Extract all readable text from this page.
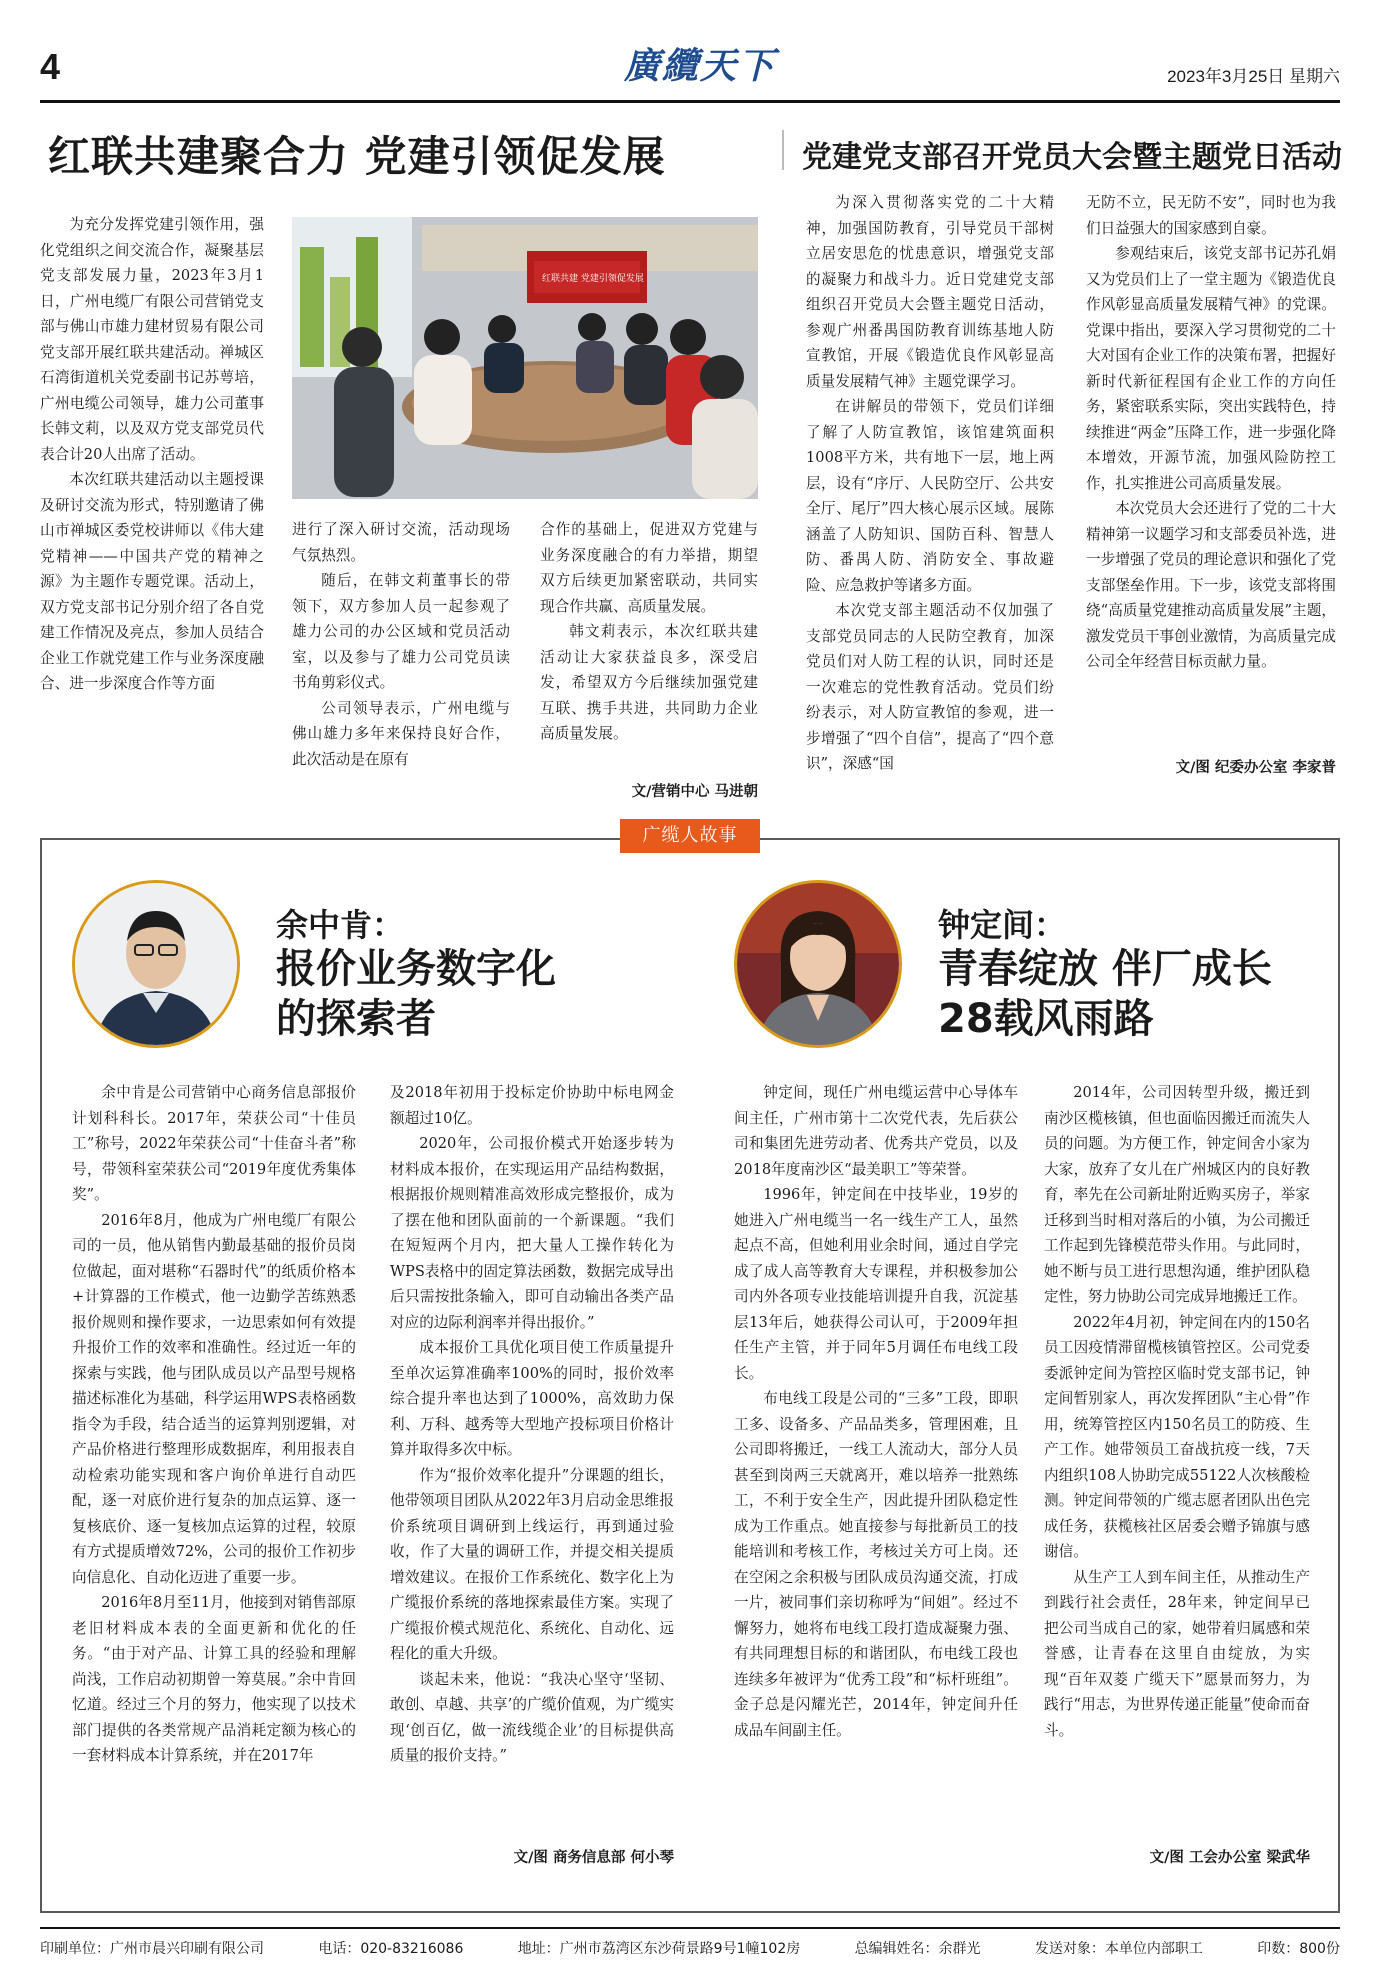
4	廣纜天下	2023年3月25日 星期六
红联共建聚合力 党建引领促发展

为充分发挥党建引领作用，强化党组织之间交流合作，凝聚基层党支部发展力量，2023年3月1日，广州电缆厂有限公司营销党支部与佛山市雄力建材贸易有限公司党支部开展红联共建活动。禅城区石湾街道机关党委副书记苏萼培，广州电缆公司领导，雄力公司董事长韩文莉，以及双方党支部党员代表合计20人出席了活动。

本次红联共建活动以主题授课及研讨交流为形式，特别邀请了佛山市禅城区委党校讲师以《伟大建党精神——中国共产党的精神之源》为主题作专题党课。活动上，双方党支部书记分别介绍了各自党建工作情况及亮点，参加人员结合企业工作就党建工作与业务深度融合、进一步深度合作等方面

红联共建 党建引领促发展

进行了深入研讨交流，活动现场气氛热烈。

随后，在韩文莉董事长的带领下，双方参加人员一起参观了雄力公司的办公区域和党员活动室，以及参与了雄力公司党员读书角剪彩仪式。

公司领导表示，广州电缆与佛山雄力多年来保持良好合作，此次活动是在原有

合作的基础上，促进双方党建与业务深度融合的有力举措，期望双方后续更加紧密联动，共同实现合作共赢、高质量发展。

韩文莉表示，本次红联共建活动让大家获益良多，深受启发，希望双方今后继续加强党建互联、携手共进，共同助力企业高质量发展。

文/营销中心 马进朝
党建党支部召开党员大会暨主题党日活动

为深入贯彻落实党的二十大精神，加强国防教育，引导党员干部树立居安思危的忧患意识，增强党支部的凝聚力和战斗力。近日党建党支部组织召开党员大会暨主题党日活动，参观广州番禺国防教育训练基地人防宣教馆，开展《锻造优良作风彰显高质量发展精气神》主题党课学习。

在讲解员的带领下，党员们详细了解了人防宣教馆，该馆建筑面积1008平方米，共有地下一层，地上两层，设有“序厅、人民防空厅、公共安全厅、尾厅”四大核心展示区域。展陈涵盖了人防知识、国防百科、智慧人防、番禺人防、消防安全、事故避险、应急救护等诸多方面。

本次党支部主题活动不仅加强了支部党员同志的人民防空教育，加深党员们对人防工程的认识，同时还是一次难忘的党性教育活动。党员们纷纷表示，对人防宣教馆的参观，进一步增强了“四个自信”，提高了“四个意识”，深感“国

无防不立，民无防不安”，同时也为我们日益强大的国家感到自豪。

参观结束后，该党支部书记苏孔娟又为党员们上了一堂主题为《锻造优良作风彰显高质量发展精气神》的党课。党课中指出，要深入学习贯彻党的二十大对国有企业工作的决策布署，把握好新时代新征程国有企业工作的方向任务，紧密联系实际，突出实践特色，持续推进“两金”压降工作，进一步强化降本增效，开源节流，加强风险防控工作，扎实推进公司高质量发展。

本次党员大会还进行了党的二十大精神第一议题学习和支部委员补选，进一步增强了党员的理论意识和强化了党支部堡垒作用。下一步，该党支部将围绕“高质量党建推动高质量发展”主题，激发党员干事创业激情，为高质量完成公司全年经营目标贡献力量。

文/图 纪委办公室 李家普
广缆人故事
余中肯：
报价业务数字化
的探索者

余中肯是公司营销中心商务信息部报价计划科科长。2017年，荣获公司“十佳员工”称号，2022年荣获公司“十佳奋斗者”称号，带领科室荣获公司“2019年度优秀集体奖”。

2016年8月，他成为广州电缆厂有限公司的一员，他从销售内勤最基础的报价员岗位做起，面对堪称“石器时代”的纸质价格本+计算器的工作模式，他一边勤学苦练熟悉报价规则和操作要求，一边思索如何有效提升报价工作的效率和准确性。经过近一年的探索与实践，他与团队成员以产品型号规格描述标准化为基础，科学运用WPS表格函数指令为手段，结合适当的运算判别逻辑，对产品价格进行整理形成数据库，利用报表自动检索功能实现和客户询价单进行自动匹配，逐一对底价进行复杂的加点运算、逐一复核底价、逐一复核加点运算的过程，较原有方式提质增效72%，公司的报价工作初步向信息化、自动化迈进了重要一步。

2016年8月至11月，他接到对销售部原老旧材料成本表的全面更新和优化的任务。“由于对产品、计算工具的经验和理解尚浅，工作启动初期曾一筹莫展。”余中肯回忆道。经过三个月的努力，他实现了以技术部门提供的各类常规产品消耗定额为核心的一套材料成本计算系统，并在2017年

及2018年初用于投标定价协助中标电网金额超过10亿。

2020年，公司报价模式开始逐步转为材料成本报价，在实现运用产品结构数据，根据报价规则精准高效形成完整报价，成为了摆在他和团队面前的一个新课题。“我们在短短两个月内，把大量人工操作转化为WPS表格中的固定算法函数，数据完成导出后只需按批条输入，即可自动输出各类产品对应的边际利润率并得出报价。”

成本报价工具优化项目使工作质量提升至单次运算准确率100%的同时，报价效率综合提升率也达到了1000%，高效助力保利、万科、越秀等大型地产投标项目价格计算并取得多次中标。

作为“报价效率化提升”分课题的组长，他带领项目团队从2022年3月启动金思维报价系统项目调研到上线运行，再到通过验收，作了大量的调研工作，并提交相关提质增效建议。在报价工作系统化、数字化上为广缆报价系统的落地探索最佳方案。实现了广缆报价模式规范化、系统化、自动化、远程化的重大升级。

谈起未来，他说：“我决心坚守‘坚韧、敢创、卓越、共享’的广缆价值观，为广缆实现‘创百亿，做一流线缆企业’的目标提供高质量的报价支持。”

文/图 商务信息部 何小琴
钟定间：
青春绽放 伴厂成长
28载风雨路

钟定间，现任广州电缆运营中心导体车间主任，广州市第十二次党代表，先后获公司和集团先进劳动者、优秀共产党员，以及2018年度南沙区“最美职工”等荣誉。

1996年，钟定间在中技毕业，19岁的她进入广州电缆当一名一线生产工人，虽然起点不高，但她利用业余时间，通过自学完成了成人高等教育大专课程，并积极参加公司内外各项专业技能培训提升自我，沉淀基层13年后，她获得公司认可，于2009年担任生产主管，并于同年5月调任布电线工段长。

布电线工段是公司的“三多”工段，即职工多、设备多、产品品类多，管理困难，且公司即将搬迁，一线工人流动大，部分人员甚至到岗两三天就离开，难以培养一批熟练工，不利于安全生产，因此提升团队稳定性成为工作重点。她直接参与每批新员工的技能培训和考核工作，考核过关方可上岗。还在空闲之余积极与团队成员沟通交流，打成一片，被同事们亲切称呼为“间姐”。经过不懈努力，她将布电线工段打造成凝聚力强、有共同理想目标的和谐团队，布电线工段也连续多年被评为“优秀工段”和“标杆班组”。金子总是闪耀光芒，2014年，钟定间升任成品车间副主任。

2014年，公司因转型升级，搬迁到南沙区榄核镇，但也面临因搬迁而流失人员的问题。为方便工作，钟定间舍小家为大家，放弃了女儿在广州城区内的良好教育，率先在公司新址附近购买房子，举家迁移到当时相对落后的小镇，为公司搬迁工作起到先锋模范带头作用。与此同时，她不断与员工进行思想沟通，维护团队稳定性，努力协助公司完成异地搬迁工作。

2022年4月初，钟定间在内的150名员工因疫情滞留榄核镇管控区。公司党委委派钟定间为管控区临时党支部书记，钟定间暂别家人，再次发挥团队“主心骨”作用，统筹管控区内150名员工的防疫、生产工作。她带领员工奋战抗疫一线，7天内组织108人协助完成55122人次核酸检测。钟定间带领的广缆志愿者团队出色完成任务，获榄核社区居委会赠予锦旗与感谢信。

从生产工人到车间主任，从推动生产到践行社会责任，28年来，钟定间早已把公司当成自己的家，她带着归属感和荣誉感，让青春在这里自由绽放，为实现“百年双菱 广缆天下”愿景而努力，为践行“用志，为世界传递正能量”使命而奋斗。

文/图 工会办公室 梁武华
印刷单位：广州市晨兴印刷有限公司	电话：020-83216086	地址：广州市荔湾区东沙荷景路9号1幢102房	总编辑姓名：余群光	发送对象：本单位内部职工	印数：800份
